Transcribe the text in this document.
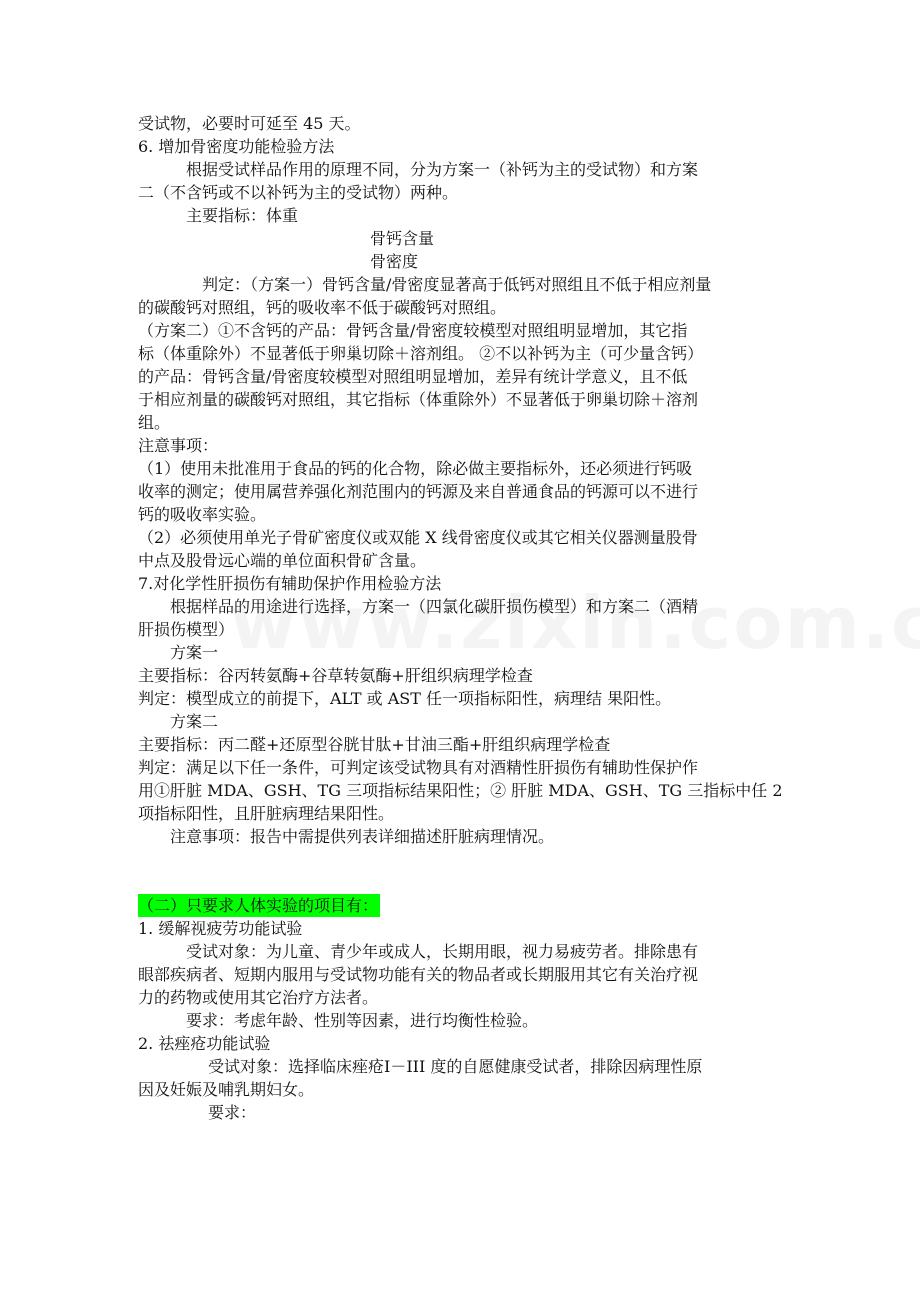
受试物，必要时可延至 45 天。
6. 增加骨密度功能检验方法
根据受试样品作用的原理不同，分为方案一（补钙为主的受试物）和方案
二（不含钙或不以补钙为主的受试物）两种。
主要指标：体重
骨钙含量
骨密度
判定：（方案一）骨钙含量/骨密度显著高于低钙对照组且不低于相应剂量
的碳酸钙对照组，钙的吸收率不低于碳酸钙对照组。
（方案二）①不含钙的产品：骨钙含量/骨密度较模型对照组明显增加，其它指
标（体重除外）不显著低于卵巢切除＋溶剂组。 ②不以补钙为主（可少量含钙）
的产品：骨钙含量/骨密度较模型对照组明显增加，差异有统计学意义，且不低
于相应剂量的碳酸钙对照组，其它指标（体重除外）不显著低于卵巢切除＋溶剂
组。
注意事项：
（1）使用未批准用于食品的钙的化合物，除必做主要指标外，还必须进行钙吸
收率的测定；使用属营养强化剂范围内的钙源及来自普通食品的钙源可以不进行
钙的吸收率实验。
（2）必须使用单光子骨矿密度仪或双能 X 线骨密度仪或其它相关仪器测量股骨
中点及股骨远心端的单位面积骨矿含量。
7.对化学性肝损伤有辅助保护作用检验方法
根据样品的用途进行选择，方案一（四氯化碳肝损伤模型）和方案二（酒精
肝损伤模型）
方案一
主要指标：谷丙转氨酶+谷草转氨酶+肝组织病理学检查
判定：模型成立的前提下，ALT 或 AST 任一项指标阳性，病理结 果阳性。
方案二
主要指标：丙二醛+还原型谷胱甘肽+甘油三酯+肝组织病理学检查
判定：满足以下任一条件，可判定该受试物具有对酒精性肝损伤有辅助性保护作
用①肝脏 MDA、GSH、TG 三项指标结果阳性；② 肝脏 MDA、GSH、TG 三指标中任 2
项指标阳性，且肝脏病理结果阳性。
注意事项：报告中需提供列表详细描述肝脏病理情况。
（二）只要求人体实验的项目有：
1. 缓解视疲劳功能试验
受试对象：为儿童、青少年或成人，长期用眼，视力易疲劳者。排除患有
眼部疾病者、短期内服用与受试物功能有关的物品者或长期服用其它有关治疗视
力的药物或使用其它治疗方法者。
要求：考虑年龄、性别等因素，进行均衡性检验。
2. 祛痤疮功能试验
受试对象：选择临床痤疮Ⅰ－III 度的自愿健康受试者，排除因病理性原
因及妊娠及哺乳期妇女。
要求：
